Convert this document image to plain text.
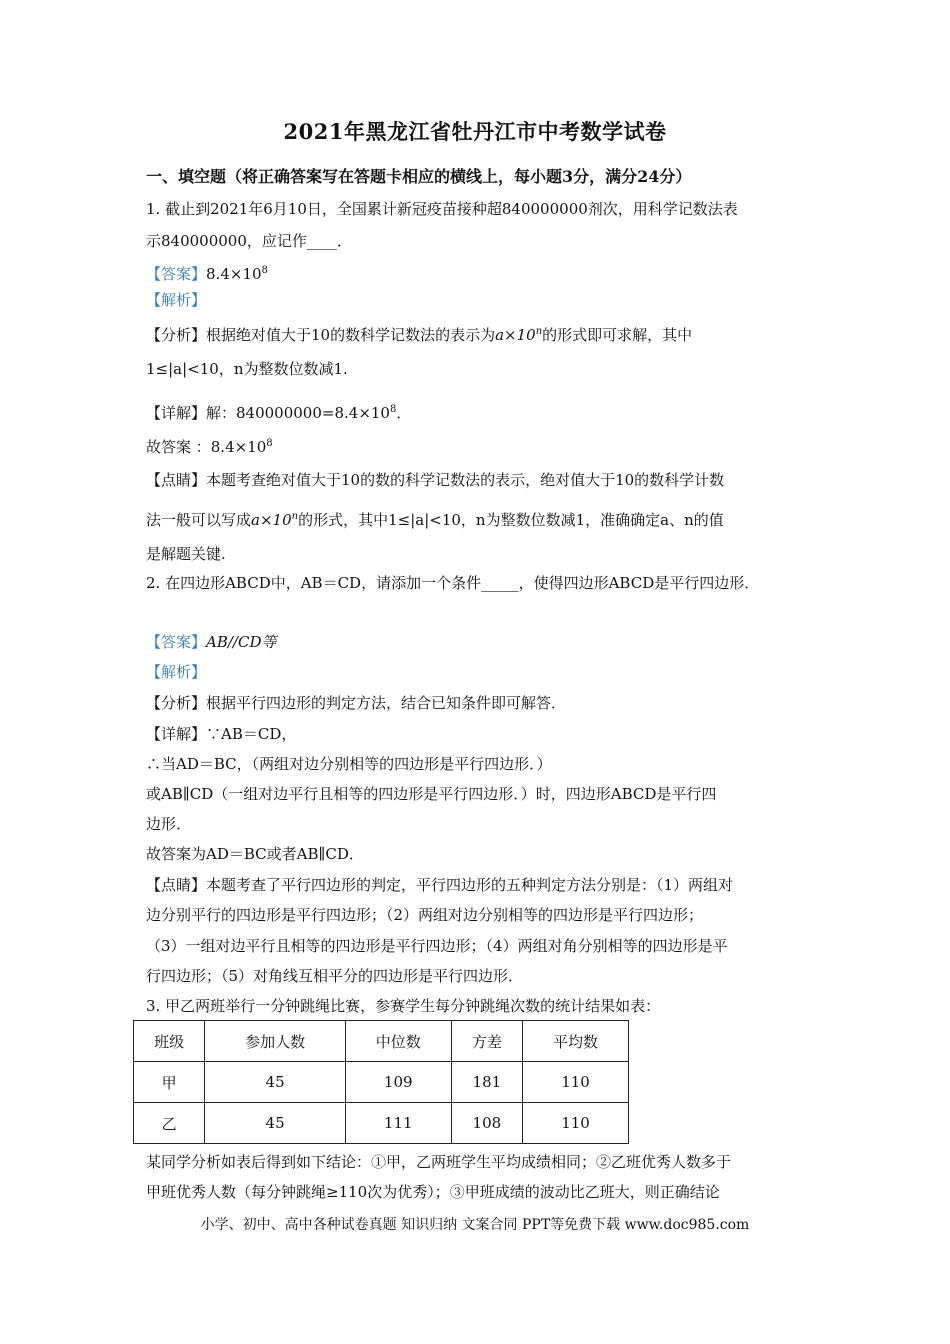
2021年黑龙江省牡丹江市中考数学试卷
一、填空题（将正确答案写在答题卡相应的横线上，每小题3分，满分24分）
1. 截止到2021年6月10日，全国累计新冠疫苗接种超840000000剂次，用科学记数法表
示840000000，应记作____．
【答案】$8.4\times 10^8$
【解析】
【分析】根据绝对值大于10的数科学记数法的表示为$a\times 10^n$的形式即可求解，其中
1≤|a|<10，n为整数位数减1.
【详解】解：$840000000=8.4\times 10^8$．
故答案 ：$8.4\times 10^8$
【点睛】本题考查绝对值大于10的数的科学记数法的表示，绝对值大于10的数科学计数
法一般可以写成$a\times 10^n$的形式，其中1≤|a|<10，n为整数位数减1，准确确定a、n的值
是解题关键.
2. 在四边形ABCD中，AB＝CD，请添加一个条件_____，使得四边形ABCD是平行四边形．
【答案】AB//CD等
【解析】
【分析】根据平行四边形的判定方法，结合已知条件即可解答．
【详解】∵AB＝CD，
∴当AD＝BC，（两组对边分别相等的四边形是平行四边形．）
或AB∥CD（一组对边平行且相等的四边形是平行四边形．）时，四边形ABCD是平行四
边形．
故答案为AD＝BC或者AB∥CD．
【点睛】本题考查了平行四边形的判定，平行四边形的五种判定方法分别是：（1）两组对
边分别平行的四边形是平行四边形；（2）两组对边分别相等的四边形是平行四边形；
（3）一组对边平行且相等的四边形是平行四边形；（4）两组对角分别相等的四边形是平
行四边形；（5）对角线互相平分的四边形是平行四边形．
3. 甲乙两班举行一分钟跳绳比赛，参赛学生每分钟跳绳次数的统计结果如表：
班级	参加人数	中位数	方差	平均数
甲	45	109	181	110
乙	45	111	108	110
某同学分析如表后得到如下结论：①甲，乙两班学生平均成绩相同；②乙班优秀人数多于
甲班优秀人数（每分钟跳绳≥110次为优秀）；③甲班成绩的波动比乙班大，则正确结论
小学、初中、高中各种试卷真题 知识归纳 文案合同 PPT等免费下载 www.doc985.com
